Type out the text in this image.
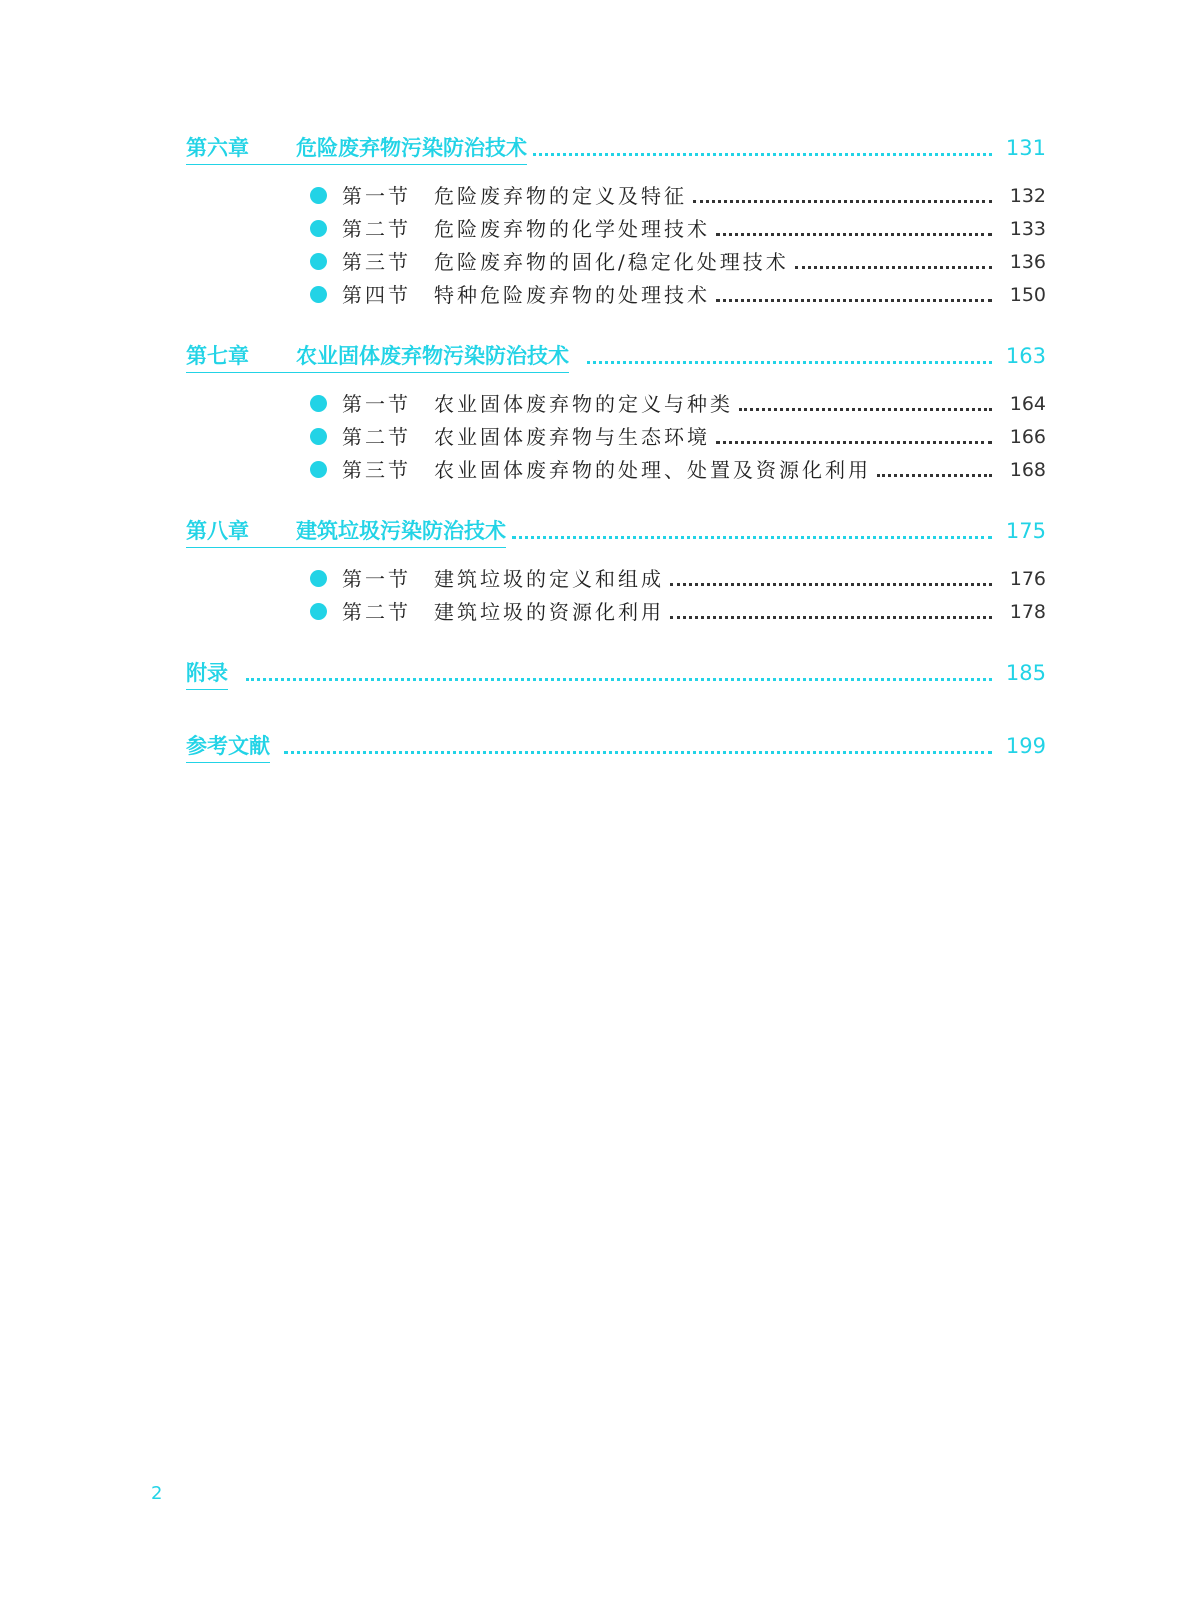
第六章	危险废弃物污染防治技术	131
第一节	危险废弃物的定义及特征	132
第二节	危险废弃物的化学处理技术	133
第三节	危险废弃物的固化/稳定化处理技术	136
第四节	特种危险废弃物的处理技术	150
第七章	农业固体废弃物污染防治技术	163
第一节	农业固体废弃物的定义与种类	164
第二节	农业固体废弃物与生态环境	166
第三节	农业固体废弃物的处理、处置及资源化利用	168
第八章	建筑垃圾污染防治技术	175
第一节	建筑垃圾的定义和组成	176
第二节	建筑垃圾的资源化利用	178
附录	185
参考文献	199
2
